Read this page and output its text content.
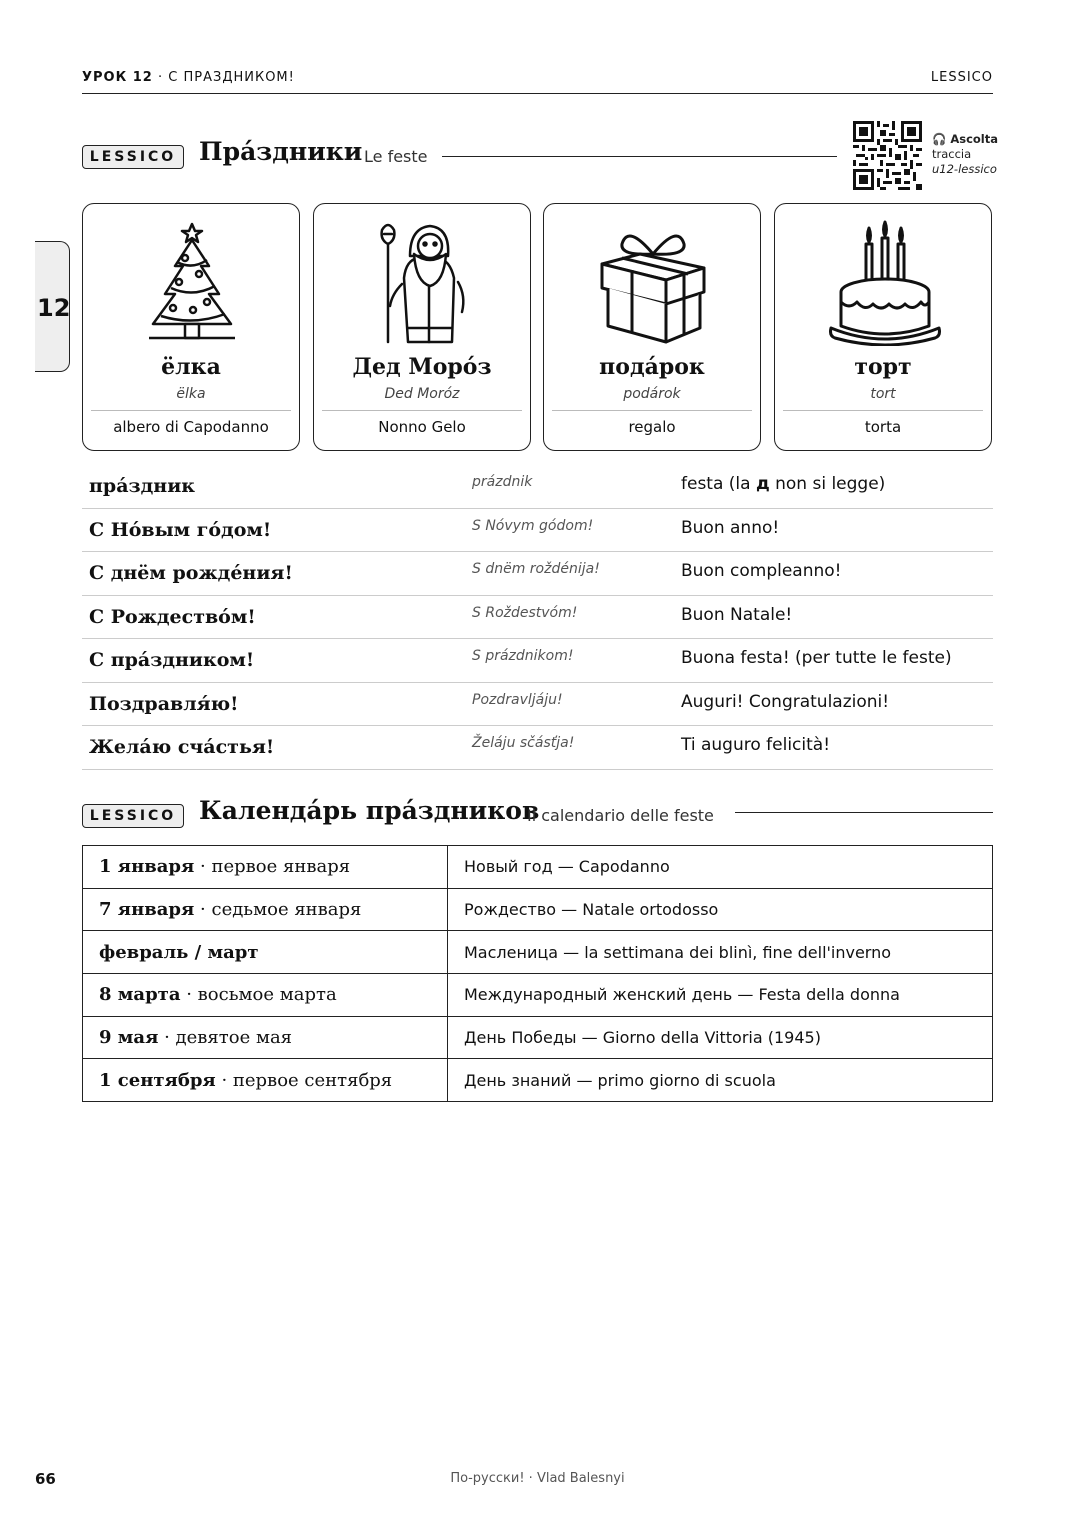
УРОК 12 · С ПРАЗДНИКОМ!	LESSICO
12
LESSICO Пра́здники Le feste
🎧 Ascolta
traccia
u12-lessico
ёлка
ëlka
albero di Capodanno
Дед Моро́з
Ded Moróz
Nonno Gelo
пода́рок
podárok
regalo
торт
tort
torta
пра́здник	prázdnik	festa (la д non si legge)
С Но́вым го́дом!	S Nóvym gódom!	Buon anno!
С днём рожде́ния!	S dnëm roždénija!	Buon compleanno!
С Рождество́м!	S Roždestvóm!	Buon Natale!
С пра́здником!	S prázdnikom!	Buona festa! (per tutte le feste)
Поздравля́ю!	Pozdravljáju!	Auguri! Congratulazioni!
Жела́ю сча́стья!	Želáju sčásťja!	Ti auguro felicità!
LESSICO Календа́рь пра́здников
Il calendario delle feste
1 января · первое января	Новый год — Capodanno
7 января · седьмое января	Рождество — Natale ortodosso
февраль / март	Масленица — la settimana dei blinì, fine dell'inverno
8 марта · восьмое марта	Международный женский день — Festa della donna
9 мая · девятое мая	День Победы — Giorno della Vittoria (1945)
1 сентября · первое сентября	День знаний — primo giorno di scuola
66	По-русски! · Vlad Balesnyi
